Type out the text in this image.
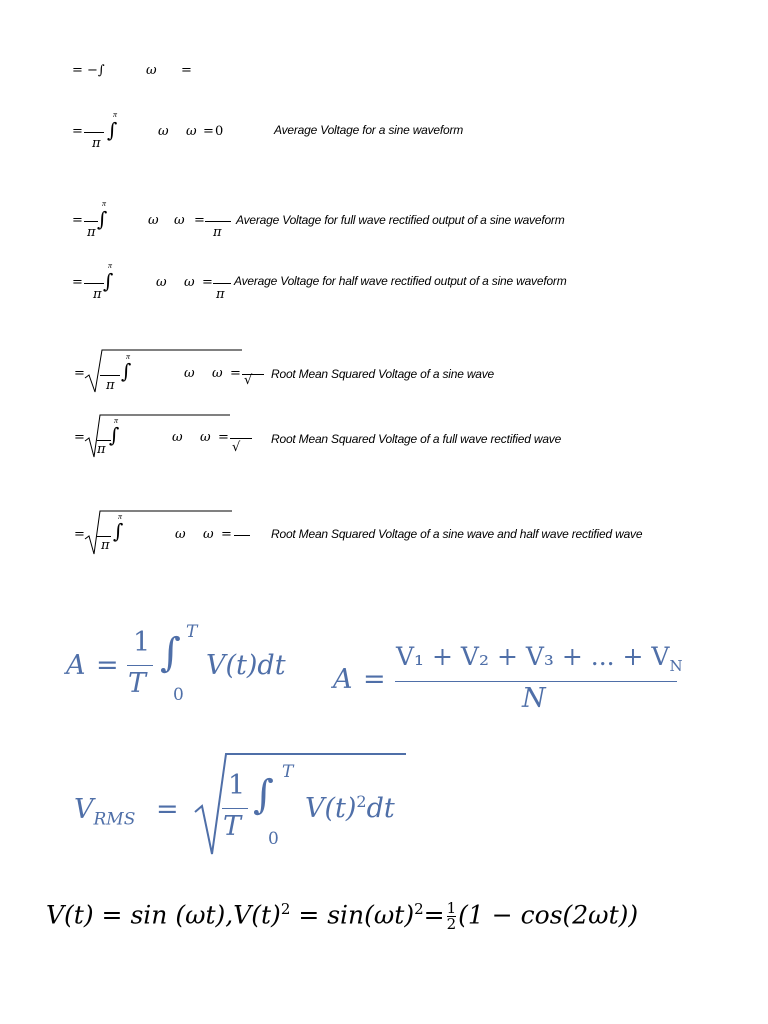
= −∫	ω =
=
π
π
∫	ω ω = 0	Average Voltage for a sine waveform
=
π
π
∫	ω ω =
π
Average Voltage for full wave rectified output of a sine waveform
=
π
π
∫	ω ω =
π
Average Voltage for half wave rectified output of a sine waveform
=
π
π
∫	ω ω = √ Root Mean Squared Voltage of a sine wave
=
π
π
∫	ω ω =
√
Root Mean Squared Voltage of a full wave rectified wave
=
π
π
∫	ω ω =	Root Mean Squared Voltage of a sine wave and half wave rectified wave
A =
1
T
∫ T
0
V(t)dt A =
V₁ + V₂ + V₃ + ... + $V_N$
N
$V_{RMS}$ =
1
T
∫ T
0
$V(t)^2dt$
$V(t) = \sin (\omega t),V(t)^2 = \sin(\omega t)^2= \frac{1}{2} (1 - \cos(2\omega t))$
